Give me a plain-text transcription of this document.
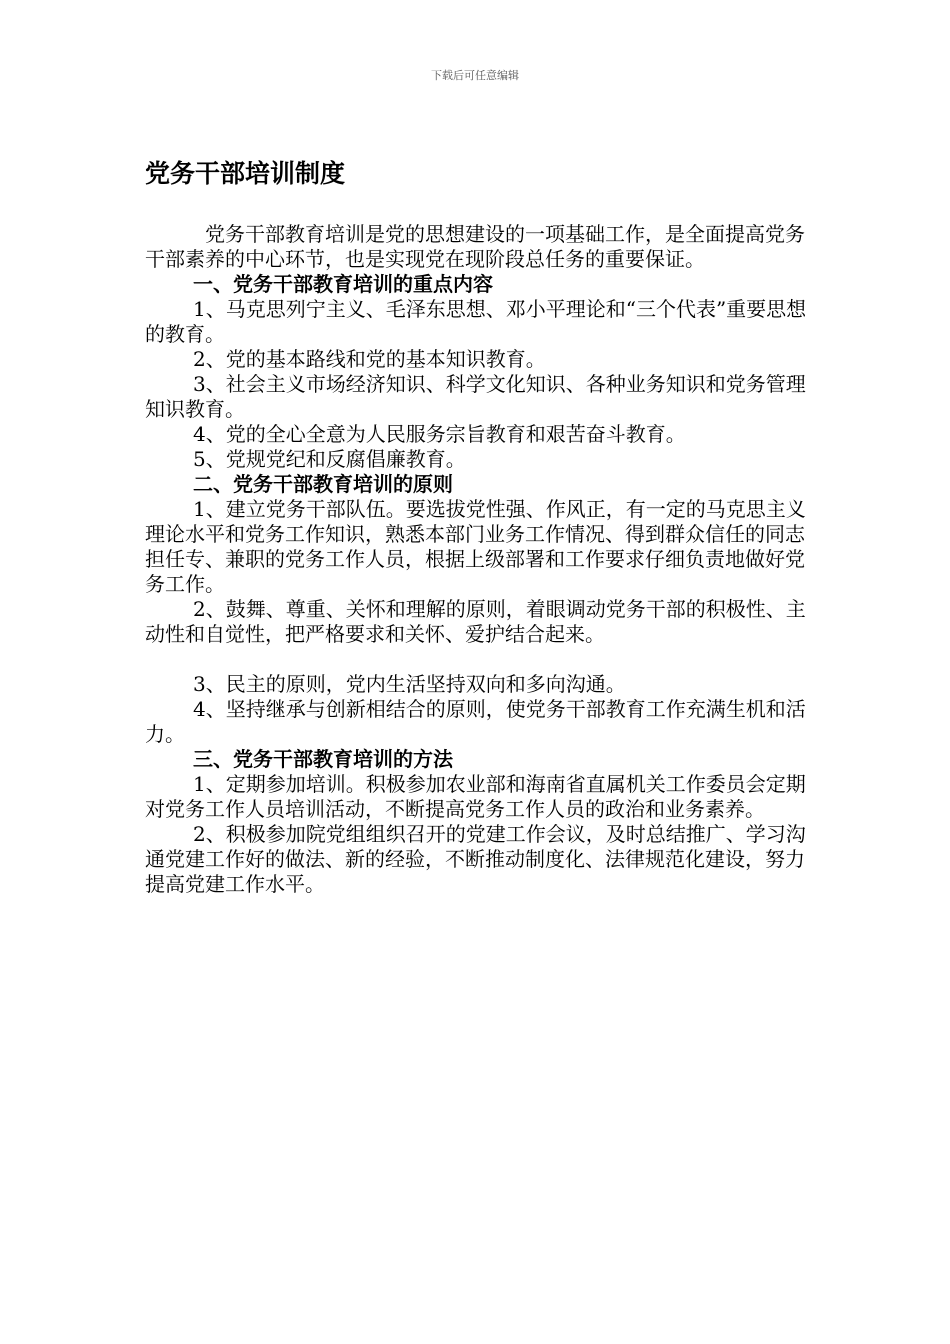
下载后可任意编辑
党务干部培训制度

党务干部教育培训是党的思想建设的一项基础工作，是全面提高党务干部素养的中心环节，也是实现党在现阶段总任务的重要保证。

一、党务干部教育培训的重点内容

1、马克思列宁主义、毛泽东思想、邓小平理论和“三个代表”重要思想的教育。

2、党的基本路线和党的基本知识教育。

3、社会主义市场经济知识、科学文化知识、各种业务知识和党务管理知识教育。

4、党的全心全意为人民服务宗旨教育和艰苦奋斗教育。

5、党规党纪和反腐倡廉教育。

二、党务干部教育培训的原则

1、建立党务干部队伍。要选拔党性强、作风正，有一定的马克思主义理论水平和党务工作知识，熟悉本部门业务工作情况、得到群众信任的同志担任专、兼职的党务工作人员，根据上级部署和工作要求仔细负责地做好党务工作。

2、鼓舞、尊重、关怀和理解的原则，着眼调动党务干部的积极性、主动性和自觉性，把严格要求和关怀、爱护结合起来。

3、民主的原则，党内生活坚持双向和多向沟通。

4、坚持继承与创新相结合的原则，使党务干部教育工作充满生机和活力。

三、党务干部教育培训的方法

1、定期参加培训。积极参加农业部和海南省直属机关工作委员会定期对党务工作人员培训活动，不断提高党务工作人员的政治和业务素养。

2、积极参加院党组组织召开的党建工作会议，及时总结推广、学习沟通党建工作好的做法、新的经验，不断推动制度化、法律规范化建设，努力提高党建工作水平。
